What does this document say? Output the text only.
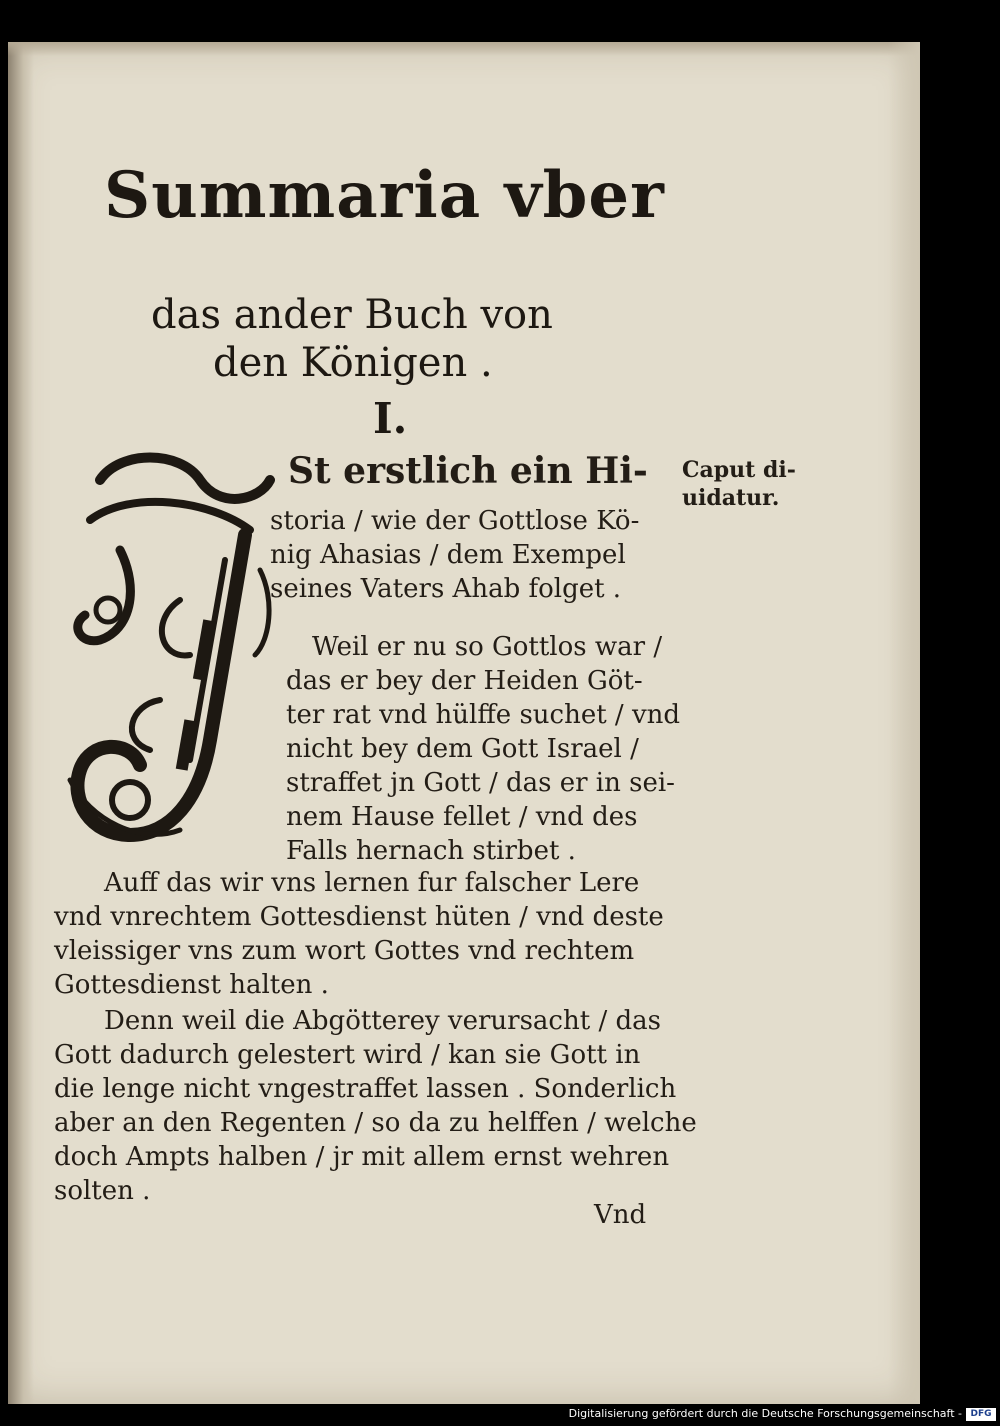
Summaria vber
das ander Buch von
den Königen .
I.
St erstlich ein Hi-
storia / wie der Gottlose Kö-
nig Ahasias / dem Exempel
seines Vaters Ahab folget .
Caput di-
uidatur.
Weil er nu so Gottlos war /
das er bey der Heiden Göt-
ter rat vnd hülffe suchet / vnd
nicht bey dem Gott Israel /
straffet jn Gott / das er in sei-
nem Hause fellet / vnd des
Falls hernach stirbet .
Auff das wir vns lernen fur falscher Lere
vnd vnrechtem Gottesdienst hüten / vnd deste
vleissiger vns zum wort Gottes vnd rechtem
Gottesdienst halten .
Denn weil die Abgötterey verursacht / das
Gott dadurch gelestert wird / kan sie Gott in
die lenge nicht vngestraffet lassen . Sonderlich
aber an den Regenten / so da zu helffen / welche
doch Ampts halben / jr mit allem ernst wehren
solten .
Vnd
Digitalisierung gefördert durch die Deutsche Forschungsgemeinschaft - DFG
